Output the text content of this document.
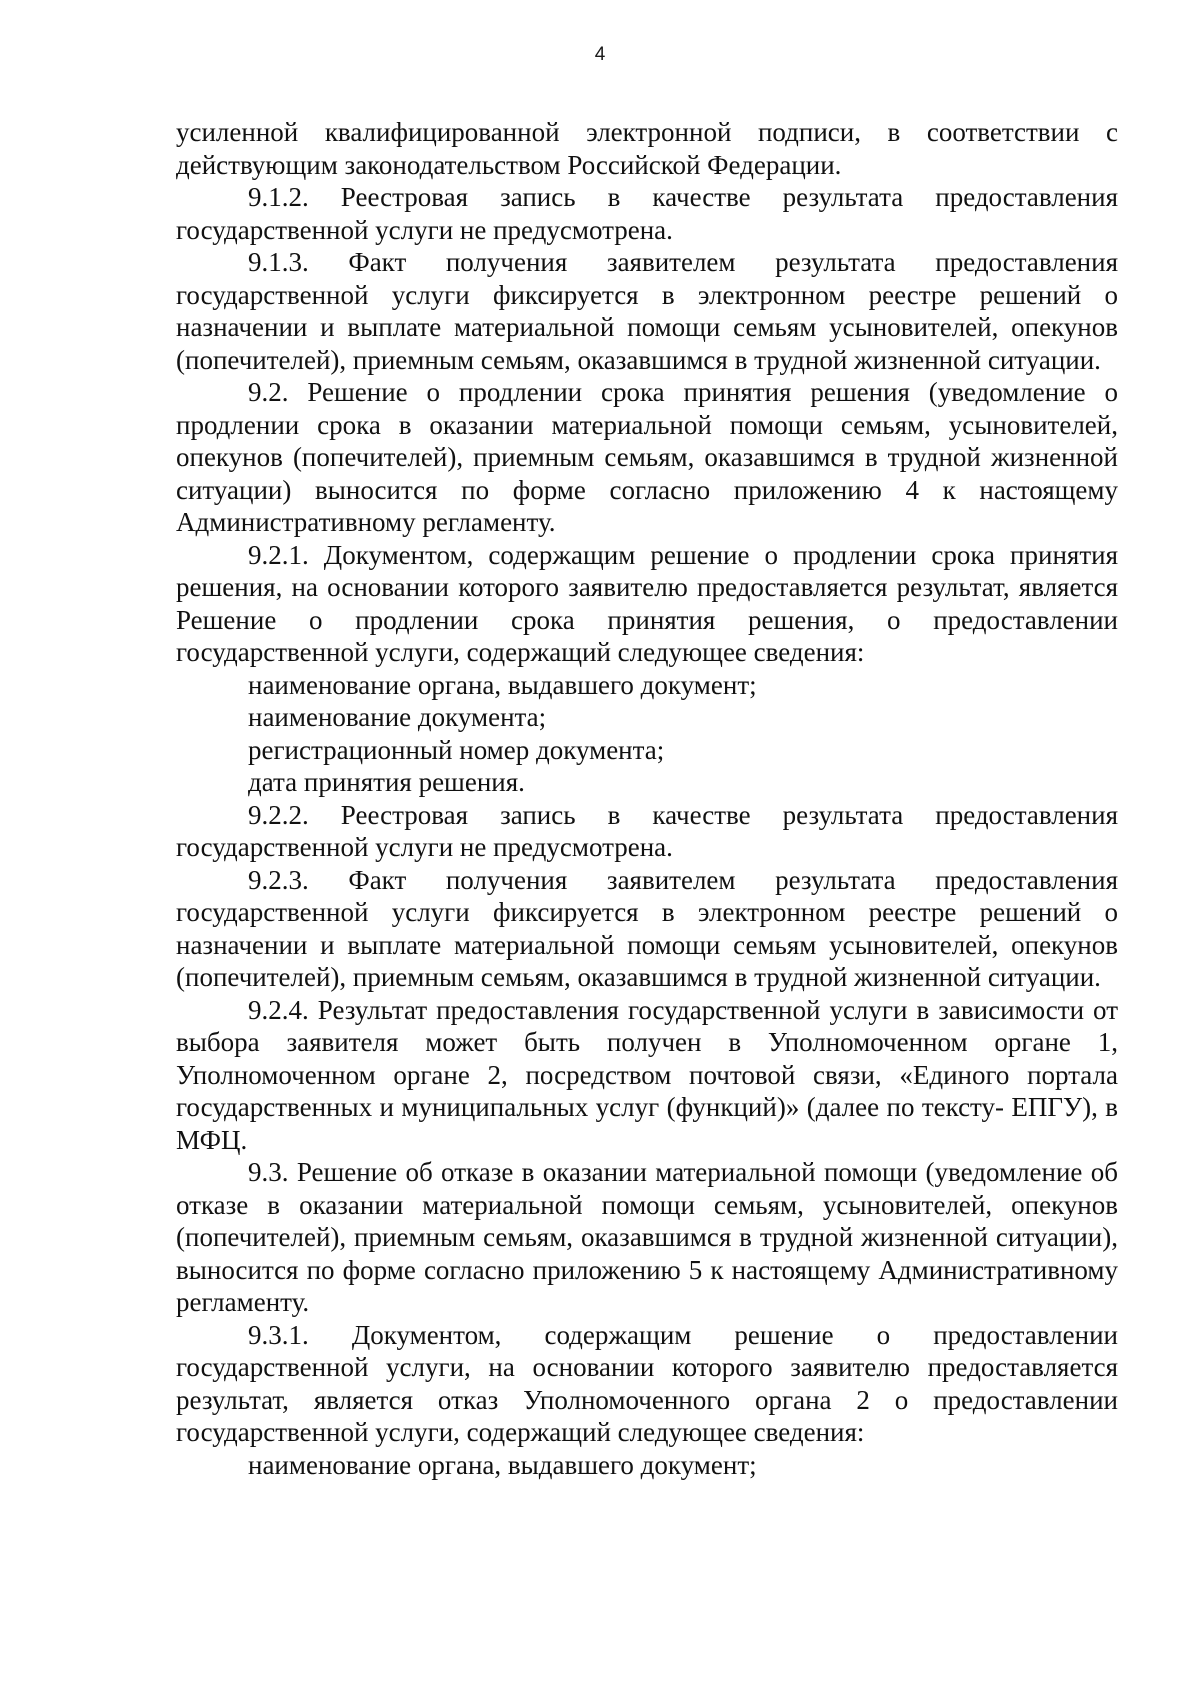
4

усиленной квалифицированной электронной подписи, в соответствии с действующим законодательством Российской Федерации.

9.1.2. Реестровая запись в качестве результата предоставления государственной услуги не предусмотрена.

9.1.3. Факт получения заявителем результата предоставления государственной услуги фиксируется в электронном реестре решений о назначении и выплате материальной помощи семьям усыновителей, опекунов (попечителей), приемным семьям, оказавшимся в трудной жизненной ситуации.

9.2. Решение о продлении срока принятия решения (уведомление о продлении срока в оказании материальной помощи семьям, усыновителей, опекунов (попечителей), приемным семьям, оказавшимся в трудной жизненной ситуации) выносится по форме согласно приложению 4 к настоящему Административному регламенту.

9.2.1. Документом, содержащим решение о продлении срока принятия решения, на основании которого заявителю предоставляется результат, является Решение о продлении срока принятия решения, о предоставлении государственной услуги, содержащий следующее сведения:

наименование органа, выдавшего документ;

наименование документа;

регистрационный номер документа;

дата принятия решения.

9.2.2. Реестровая запись в качестве результата предоставления государственной услуги не предусмотрена.

9.2.3. Факт получения заявителем результата предоставления государственной услуги фиксируется в электронном реестре решений о назначении и выплате материальной помощи семьям усыновителей, опекунов (попечителей), приемным семьям, оказавшимся в трудной жизненной ситуации.

9.2.4. Результат предоставления государственной услуги в зависимости от выбора заявителя может быть получен в Уполномоченном органе 1, Уполномоченном органе 2, посредством почтовой связи, «Единого портала государственных и муниципальных услуг (функций)» (далее по тексту- ЕПГУ), в МФЦ.

9.3. Решение об отказе в оказании материальной помощи (уведомление об отказе в оказании материальной помощи семьям, усыновителей, опекунов (попечителей), приемным семьям, оказавшимся в трудной жизненной ситуации), выносится по форме согласно приложению 5 к настоящему Административному регламенту.

9.3.1. Документом, содержащим решение о предоставлении государственной услуги, на основании которого заявителю предоставляется результат, является отказ Уполномоченного органа 2 о предоставлении государственной услуги, содержащий следующее сведения:

наименование органа, выдавшего документ;
